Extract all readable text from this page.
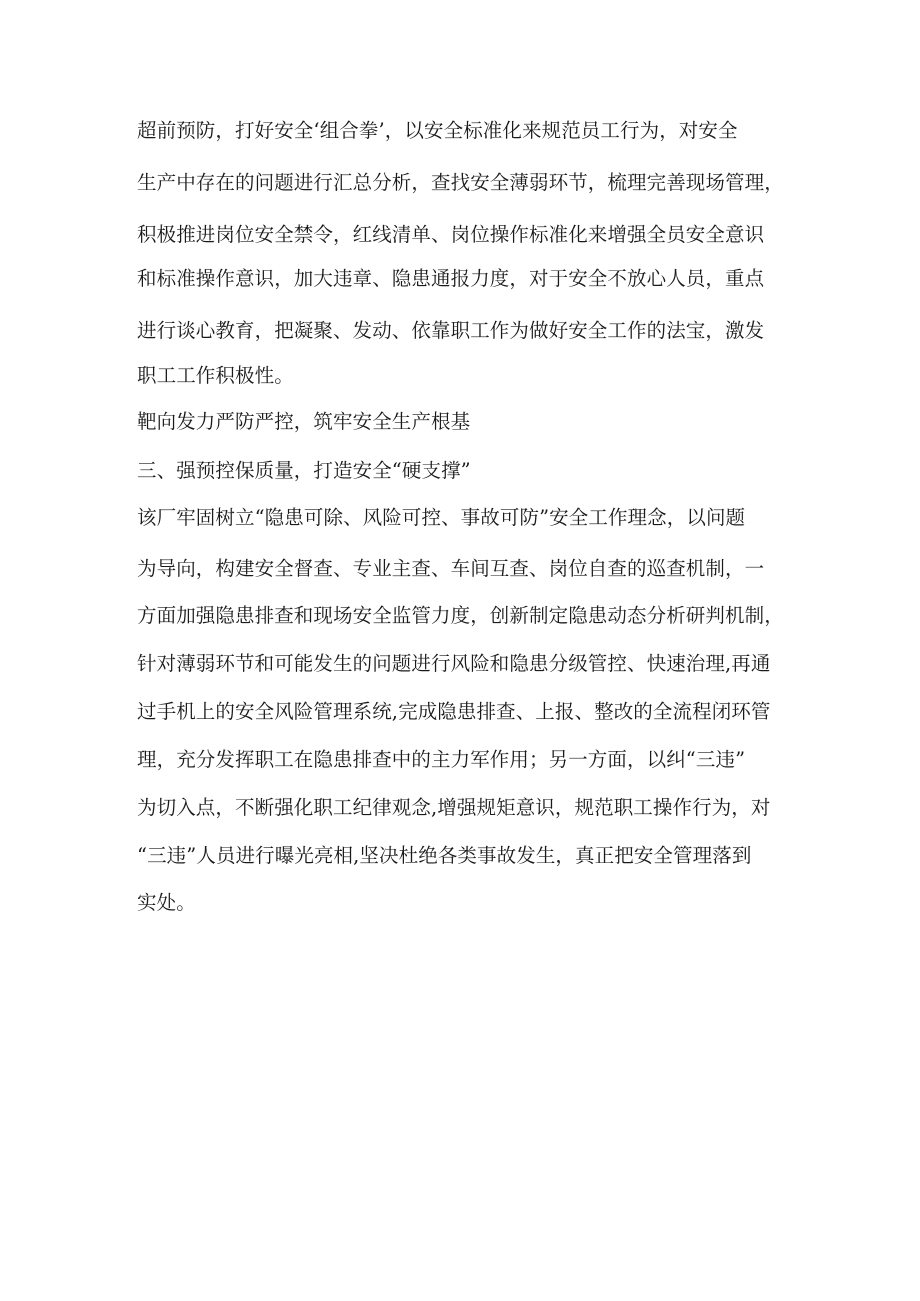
超前预防，打好安全‘组合拳’，以安全标准化来规范员工行为，对安全
生产中存在的问题进行汇总分析，查找安全薄弱环节，梳理完善现场管理，
积极推进岗位安全禁令，红线清单、岗位操作标准化来增强全员安全意识
和标准操作意识，加大违章、隐患通报力度，对于安全不放心人员，重点
进行谈心教育，把凝聚、发动、依靠职工作为做好安全工作的法宝，激发
职工工作积极性。
靶向发力严防严控，筑牢安全生产根基
三、强预控保质量，打造安全“硬支撑”
该厂牢固树立“隐患可除、风险可控、事故可防”安全工作理念，以问题
为导向，构建安全督查、专业主查、车间互查、岗位自查的巡查机制，一
方面加强隐患排查和现场安全监管力度，创新制定隐患动态分析研判机制，
针对薄弱环节和可能发生的问题进行风险和隐患分级管控、快速治理,再通
过手机上的安全风险管理系统,完成隐患排查、上报、整改的全流程闭环管
理，充分发挥职工在隐患排查中的主力军作用；另一方面，以纠“三违”
为切入点，不断强化职工纪律观念,增强规矩意识，规范职工操作行为，对
“三违”人员进行曝光亮相,坚决杜绝各类事故发生，真正把安全管理落到
实处。
